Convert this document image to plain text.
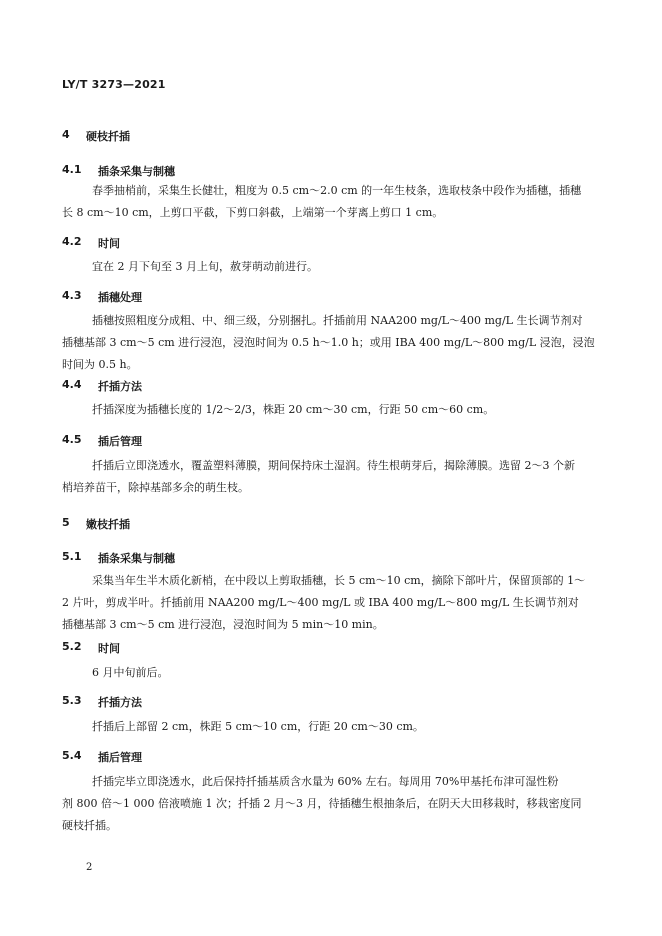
LY/T 3273—2021
4	硬枝扦插
4.1	插条采集与制穗
春季抽梢前，采集生长健壮，粗度为 0.5 cm～2.0 cm 的一年生枝条，选取枝条中段作为插穗，插穗
长 8 cm～10 cm，上剪口平截，下剪口斜截，上端第一个芽离上剪口 1 cm。
4.2	时间
宜在 2 月下旬至 3 月上旬，赦芽萌动前进行。
4.3	插穗处理
插穗按照粗度分成粗、中、细三级，分别捆扎。扦插前用 NAA200 mg/L～400 mg/L 生长调节剂对
插穗基部 3 cm～5 cm 进行浸泡，浸泡时间为 0.5 h～1.0 h；或用 IBA 400 mg/L～800 mg/L 浸泡，浸泡
时间为 0.5 h。
4.4	扦插方法
扦插深度为插穗长度的 1/2～2/3，株距 20 cm～30 cm，行距 50 cm～60 cm。
4.5	插后管理
扦插后立即浇透水，覆盖塑料薄膜，期间保持床土湿润。待生根萌芽后，揭除薄膜。选留 2～3 个新
梢培养苗干，除掉基部多余的萌生枝。
5	嫩枝扦插
5.1	插条采集与制穗
采集当年生半木质化新梢，在中段以上剪取插穗，长 5 cm～10 cm，摘除下部叶片，保留顶部的 1～
2 片叶，剪成半叶。扦插前用 NAA200 mg/L～400 mg/L 或 IBA 400 mg/L～800 mg/L 生长调节剂对
插穗基部 3 cm～5 cm 进行浸泡，浸泡时间为 5 min～10 min。
5.2	时间
6 月中旬前后。
5.3	扦插方法
扦插后上部留 2 cm，株距 5 cm～10 cm，行距 20 cm～30 cm。
5.4	插后管理
扦插完毕立即浇透水，此后保持扦插基质含水量为 60% 左右。每周用 70%甲基托布津可湿性粉
剂 800 倍～1 000 倍液喷施 1 次；扦插 2 月～3 月，待插穗生根抽条后，在阴天大田移栽时，移栽密度同
硬枝扦插。
2
